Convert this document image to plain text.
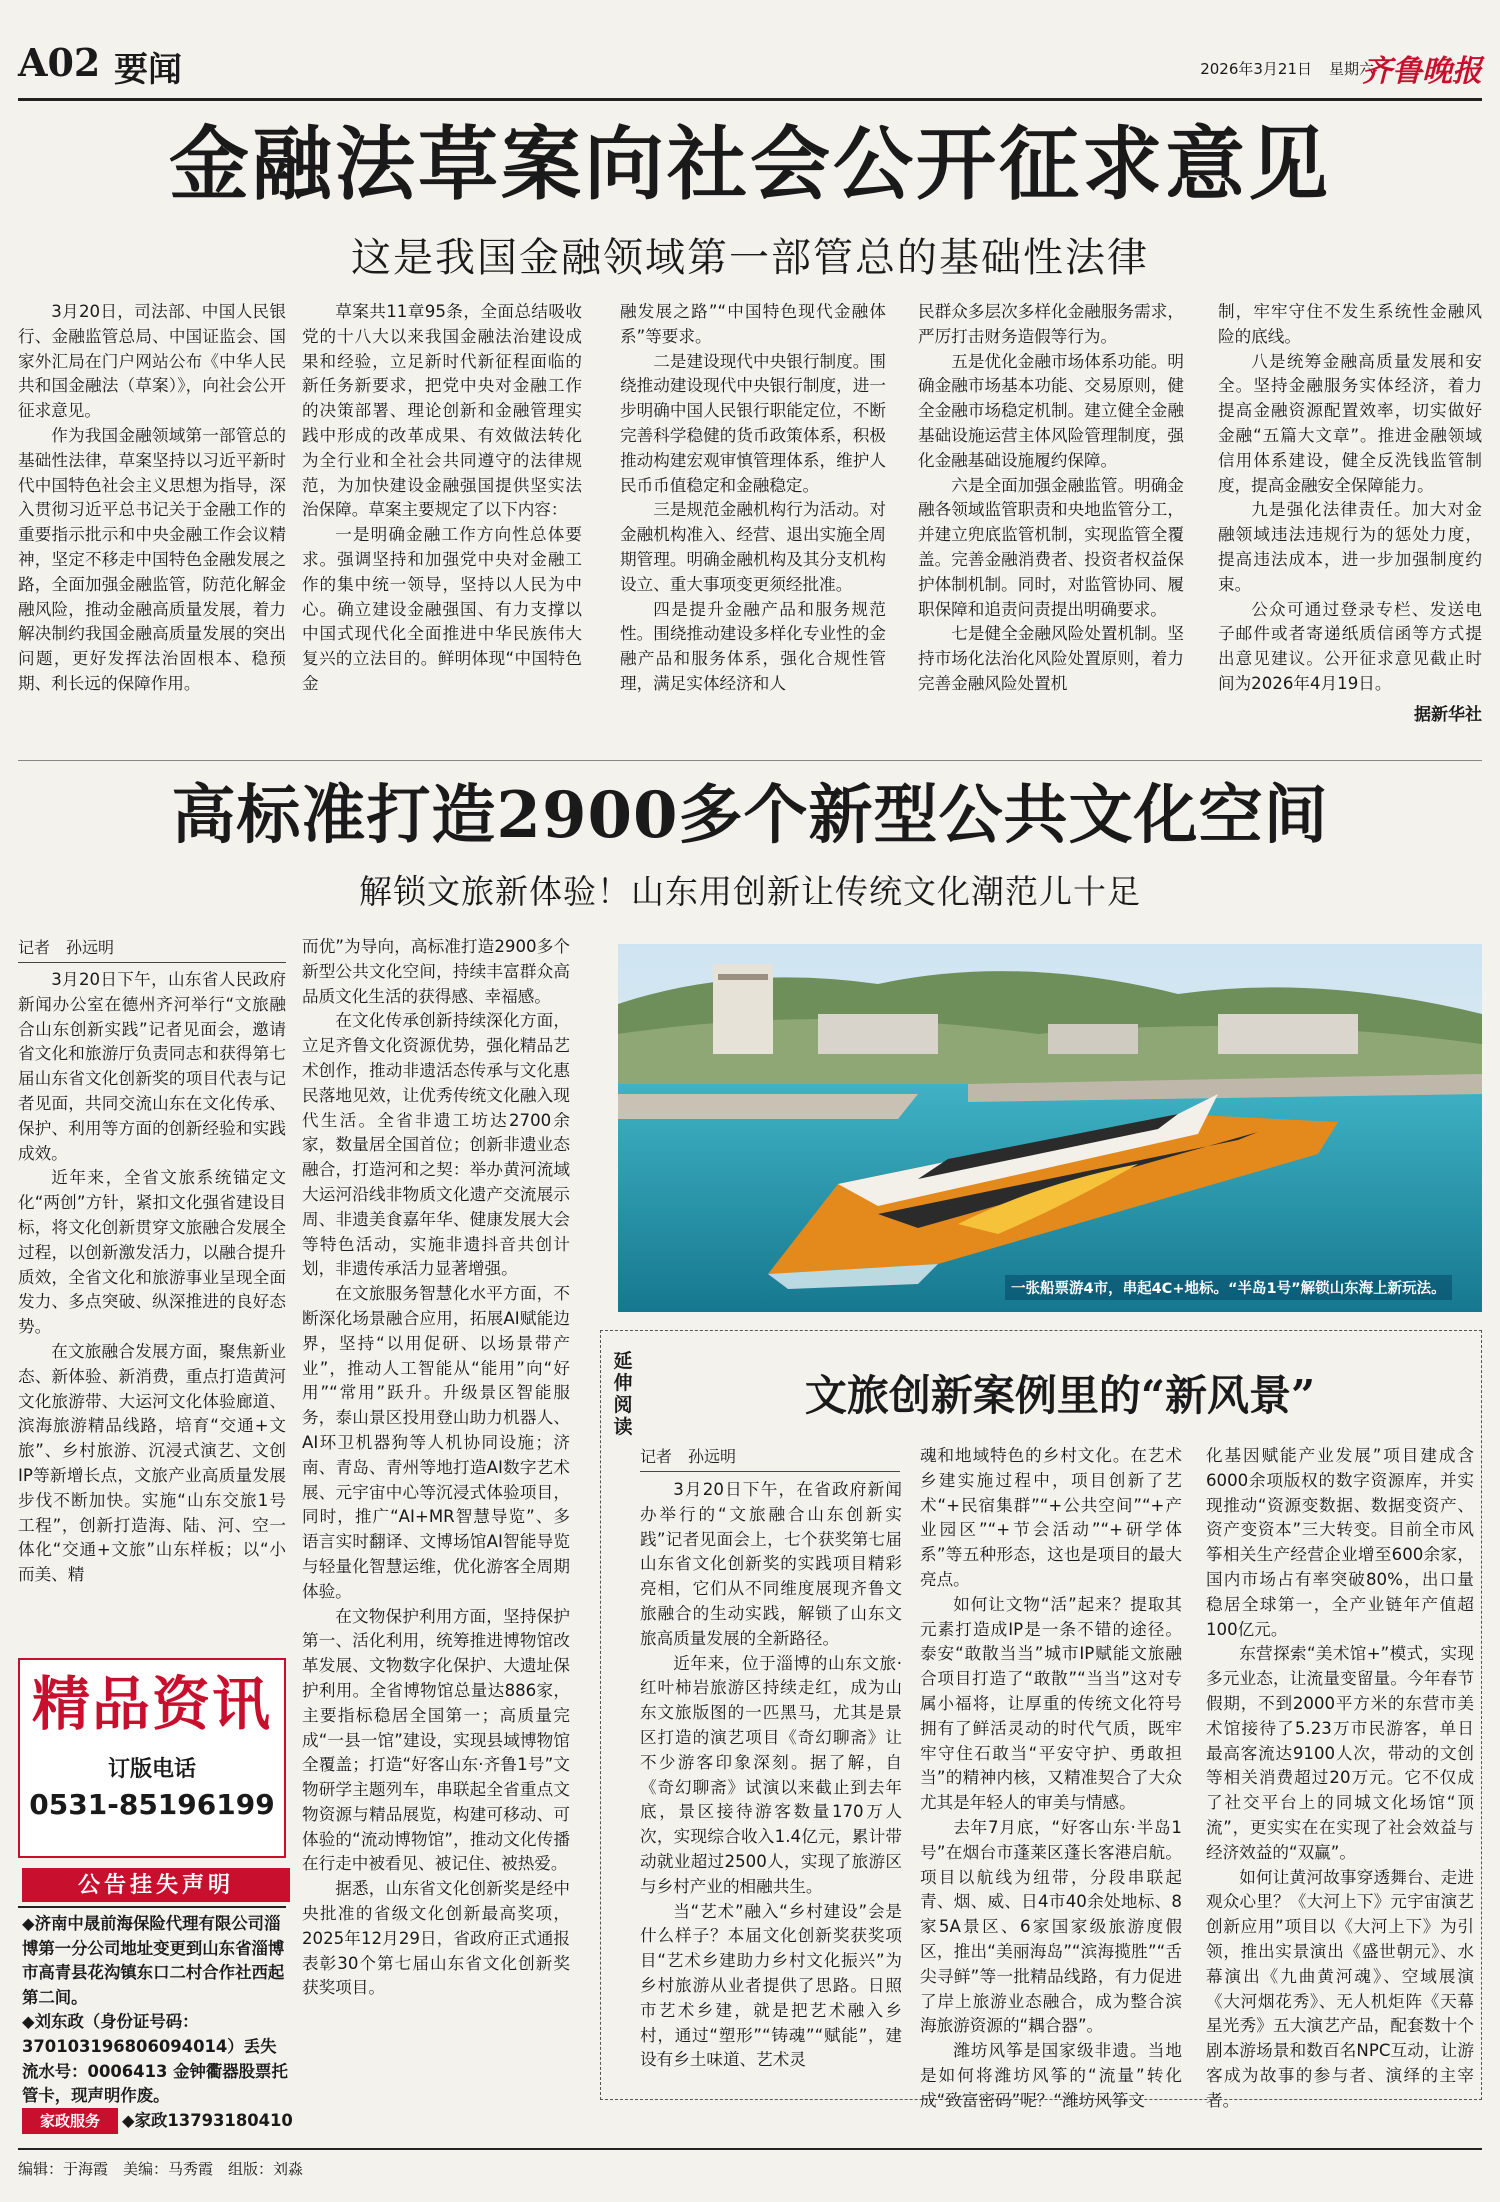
A02 要闻	2026年3月21日 星期六
齐鲁晚报
金融法草案向社会公开征求意见
这是我国金融领域第一部管总的基础性法律

3月20日，司法部、中国人民银行、金融监管总局、中国证监会、国家外汇局在门户网站公布《中华人民共和国金融法（草案）》，向社会公开征求意见。

作为我国金融领域第一部管总的基础性法律，草案坚持以习近平新时代中国特色社会主义思想为指导，深入贯彻习近平总书记关于金融工作的重要指示批示和中央金融工作会议精神，坚定不移走中国特色金融发展之路，全面加强金融监管，防范化解金融风险，推动金融高质量发展，着力解决制约我国金融高质量发展的突出问题，更好发挥法治固根本、稳预期、利长远的保障作用。

草案共11章95条，全面总结吸收党的十八大以来我国金融法治建设成果和经验，立足新时代新征程面临的新任务新要求，把党中央对金融工作的决策部署、理论创新和金融管理实践中形成的改革成果、有效做法转化为全行业和全社会共同遵守的法律规范，为加快建设金融强国提供坚实法治保障。草案主要规定了以下内容：

一是明确金融工作方向性总体要求。强调坚持和加强党中央对金融工作的集中统一领导，坚持以人民为中心。确立建设金融强国、有力支撑以中国式现代化全面推进中华民族伟大复兴的立法目的。鲜明体现“中国特色金

融发展之路”“中国特色现代金融体系”等要求。

二是建设现代中央银行制度。围绕推动建设现代中央银行制度，进一步明确中国人民银行职能定位，不断完善科学稳健的货币政策体系，积极推动构建宏观审慎管理体系，维护人民币币值稳定和金融稳定。

三是规范金融机构行为活动。对金融机构准入、经营、退出实施全周期管理。明确金融机构及其分支机构设立、重大事项变更须经批准。

四是提升金融产品和服务规范性。围绕推动建设多样化专业性的金融产品和服务体系，强化合规性管理，满足实体经济和人

民群众多层次多样化金融服务需求，严厉打击财务造假等行为。

五是优化金融市场体系功能。明确金融市场基本功能、交易原则，健全金融市场稳定机制。建立健全金融基础设施运营主体风险管理制度，强化金融基础设施履约保障。

六是全面加强金融监管。明确金融各领域监管职责和央地监管分工，并建立兜底监管机制，实现监管全覆盖。完善金融消费者、投资者权益保护体制机制。同时，对监管协同、履职保障和追责问责提出明确要求。

七是健全金融风险处置机制。坚持市场化法治化风险处置原则，着力完善金融风险处置机

制，牢牢守住不发生系统性金融风险的底线。

八是统筹金融高质量发展和安全。坚持金融服务实体经济，着力提高金融资源配置效率，切实做好金融“五篇大文章”。推进金融领域信用体系建设，健全反洗钱监管制度，提高金融安全保障能力。

九是强化法律责任。加大对金融领域违法违规行为的惩处力度，提高违法成本，进一步加强制度约束。

公众可通过登录专栏、发送电子邮件或者寄递纸质信函等方式提出意见建议。公开征求意见截止时间为2026年4月19日。

据新华社
高标准打造2900多个新型公共文化空间
解锁文旅新体验！山东用创新让传统文化潮范儿十足
记者　孙远明

3月20日下午，山东省人民政府新闻办公室在德州齐河举行“文旅融合山东创新实践”记者见面会，邀请省文化和旅游厅负责同志和获得第七届山东省文化创新奖的项目代表与记者见面，共同交流山东在文化传承、保护、利用等方面的创新经验和实践成效。

近年来，全省文旅系统锚定文化“两创”方针，紧扣文化强省建设目标，将文化创新贯穿文旅融合发展全过程，以创新激发活力，以融合提升质效，全省文化和旅游事业呈现全面发力、多点突破、纵深推进的良好态势。

在文旅融合发展方面，聚焦新业态、新体验、新消费，重点打造黄河文化旅游带、大运河文化体验廊道、滨海旅游精品线路，培育“交通+文旅”、乡村旅游、沉浸式演艺、文创IP等新增长点，文旅产业高质量发展步伐不断加快。实施“山东交旅1号工程”，创新打造海、陆、河、空一体化“交通+文旅”山东样板；以“小而美、精

而优”为导向，高标准打造2900多个新型公共文化空间，持续丰富群众高品质文化生活的获得感、幸福感。

在文化传承创新持续深化方面，立足齐鲁文化资源优势，强化精品艺术创作，推动非遗活态传承与文化惠民落地见效，让优秀传统文化融入现代生活。全省非遗工坊达2700余家，数量居全国首位；创新非遗业态融合，打造河和之契：举办黄河流域大运河沿线非物质文化遗产交流展示周、非遗美食嘉年华、健康发展大会等特色活动，实施非遗抖音共创计划，非遗传承活力显著增强。

在文旅服务智慧化水平方面，不断深化场景融合应用，拓展AI赋能边界，坚持“以用促研、以场景带产业”，推动人工智能从“能用”向“好用”“常用”跃升。升级景区智能服务，泰山景区投用登山助力机器人、AI环卫机器狗等人机协同设施；济南、青岛、青州等地打造AI数字艺术展、元宇宙中心等沉浸式体验项目，同时，推广“AI+MR智慧导览”、多语言实时翻译、文博场馆AI智能导览与轻量化智慧运维，优化游客全周期体验。

在文物保护利用方面，坚持保护第一、活化利用，统筹推进博物馆改革发展、文物数字化保护、大遗址保护利用。全省博物馆总量达886家，主要指标稳居全国第一；高质量完成“一县一馆”建设，实现县域博物馆全覆盖；打造“好客山东·齐鲁1号”文物研学主题列车，串联起全省重点文物资源与精品展览，构建可移动、可体验的“流动博物馆”，推动文化传播在行走中被看见、被记住、被热爱。

据悉，山东省文化创新奖是经中央批准的省级文化创新最高奖项，2025年12月29日，省政府正式通报表彰30个第七届山东省文化创新奖获奖项目。

一张船票游4市，串起4C+地标。“半岛1号”解锁山东海上新玩法。
延伸阅读
文旅创新案例里的“新风景”
记者　孙远明

3月20日下午，在省政府新闻办举行的“文旅融合山东创新实践”记者见面会上，七个获奖第七届山东省文化创新奖的实践项目精彩亮相，它们从不同维度展现齐鲁文旅融合的生动实践，解锁了山东文旅高质量发展的全新路径。

近年来，位于淄博的山东文旅·红叶柿岩旅游区持续走红，成为山东文旅版图的一匹黑马，尤其是景区打造的演艺项目《奇幻聊斋》让不少游客印象深刻。据了解，自《奇幻聊斋》试演以来截止到去年底，景区接待游客数量170万人次，实现综合收入1.4亿元，累计带动就业超过2500人，实现了旅游区与乡村产业的相融共生。

当“艺术”融入“乡村建设”会是什么样子？本届文化创新奖获奖项目“艺术乡建助力乡村文化振兴”为乡村旅游从业者提供了思路。日照市艺术乡建，就是把艺术融入乡村，通过“塑形”“铸魂”“赋能”，建设有乡土味道、艺术灵

魂和地域特色的乡村文化。在艺术乡建实施过程中，项目创新了艺术“+民宿集群”“+公共空间”“+产业园区”“+节会活动”“+研学体系”等五种形态，这也是项目的最大亮点。

如何让文物“活”起来？提取其元素打造成IP是一条不错的途径。泰安“敢散当当”城市IP赋能文旅融合项目打造了“敢散”“当当”这对专属小福将，让厚重的传统文化符号拥有了鲜活灵动的时代气质，既牢牢守住石敢当“平安守护、勇敢担当”的精神内核，又精准契合了大众尤其是年轻人的审美与情感。

去年7月底，“好客山东·半岛1号”在烟台市蓬莱区蓬长客港启航。项目以航线为纽带，分段串联起青、烟、威、日4市40余处地标、8家5A景区、6家国家级旅游度假区，推出“美丽海岛”“滨海揽胜”“舌尖寻鲜”等一批精品线路，有力促进了岸上旅游业态融合，成为整合滨海旅游资源的“耦合器”。

潍坊风筝是国家级非遗。当地是如何将潍坊风筝的“流量”转化成“致富密码”呢？“潍坊风筝文

化基因赋能产业发展”项目建成含6000余项版权的数字资源库，并实现推动“资源变数据、数据变资产、资产变资本”三大转变。目前全市风筝相关生产经营企业增至600余家，国内市场占有率突破80%，出口量稳居全球第一，全产业链年产值超100亿元。

东营探索“美术馆+”模式，实现多元业态，让流量变留量。今年春节假期，不到2000平方米的东营市美术馆接待了5.23万市民游客，单日最高客流达9100人次，带动的文创等相关消费超过20万元。它不仅成了社交平台上的同城文化场馆“顶流”，更实实在在实现了社会效益与经济效益的“双赢”。

如何让黄河故事穿透舞台、走进观众心里？《大河上下》元宇宙演艺创新应用”项目以《大河上下》为引领，推出实景演出《盛世朝元》、水幕演出《九曲黄河魂》、空域展演《大河烟花秀》、无人机炬阵《天幕星光秀》五大演艺产品，配套数十个剧本游场景和数百名NPC互动，让游客成为故事的参与者、演绎的主宰者。

精品资讯
订版电话
0531-85196199
公告挂失声明
◆济南中晟前海保险代理有限公司淄博第一分公司地址变更到山东省淄博市高青县花沟镇东口二村合作社西起第二间。
◆刘东政（身份证号码：370103196806094014）丢失流水号：0006413 金钟衢器股票托管卡，现声明作废。
家政服务	◆家政13793180410
编辑：于海霞　美编：马秀霞　组版：刘淼
